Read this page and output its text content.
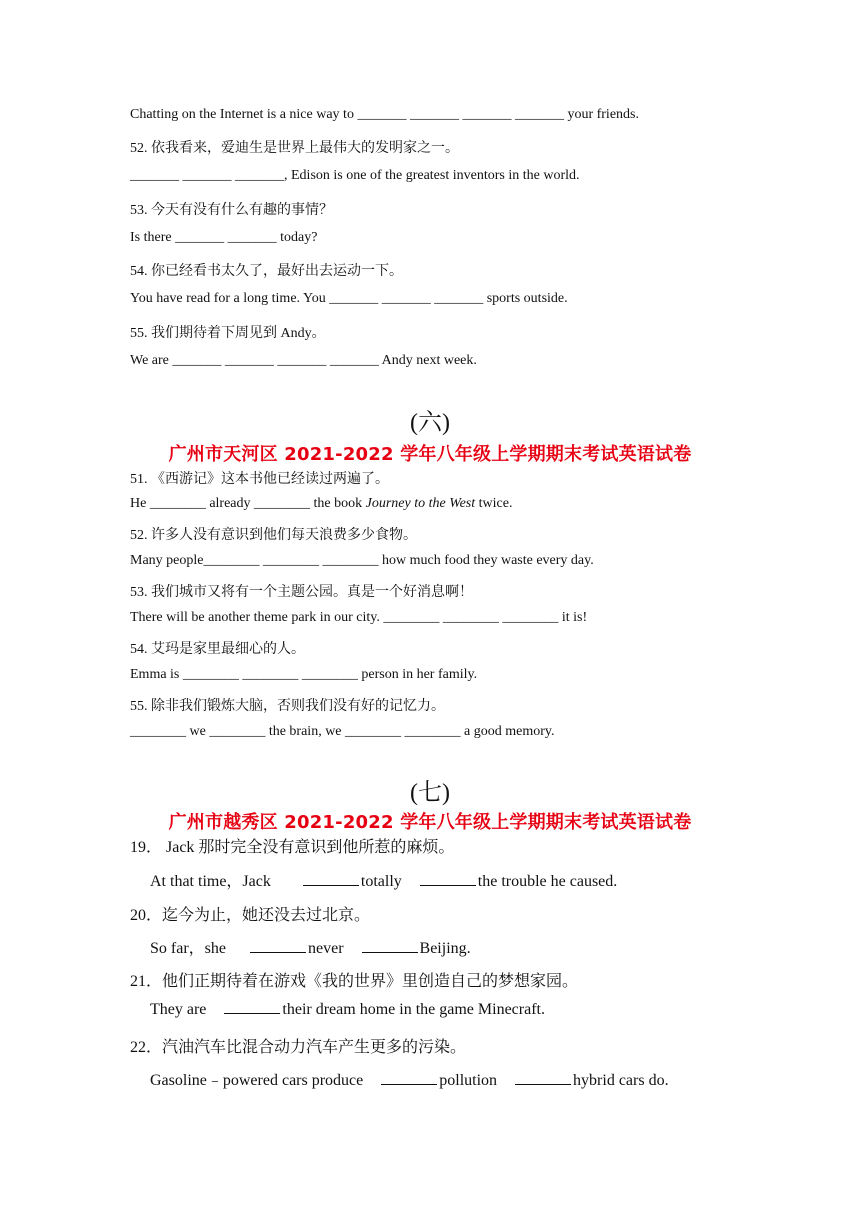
Chatting on the Internet is a nice way to _______ _______ _______ _______ your friends.
52. 依我看来，爱迪生是世界上最伟大的发明家之一。
_______ _______ _______, Edison is one of the greatest inventors in the world.
53. 今天有没有什么有趣的事情？
Is there _______ _______ today?
54. 你已经看书太久了，最好出去运动一下。
You have read for a long time. You _______ _______ _______ sports outside.
55. 我们期待着下周见到 Andy。
We are _______ _______ _______ _______ Andy next week.
(六)
广州市天河区 2021-2022 学年八年级上学期期末考试英语试卷
51. 《西游记》这本书他已经读过两遍了。
He ________ already ________ the book Journey to the West twice.
52. 许多人没有意识到他们每天浪费多少食物。
Many people________ ________ ________ how much food they waste every day.
53. 我们城市又将有一个主题公园。真是一个好消息啊！
There will be another theme park in our city. ________ ________ ________ it is!
54. 艾玛是家里最细心的人。
Emma is ________ ________ ________ person in her family.
55. 除非我们锻炼大脑，否则我们没有好的记忆力。
________ we ________ the brain, we ________ ________ a good memory.
(七)
广州市越秀区 2021-2022 学年八年级上学期期末考试英语试卷
19． Jack 那时完全没有意识到他所惹的麻烦。
At that time，Jack	totally	the trouble he caused.
20．迄今为止，她还没去过北京。
So far，she	never	Beijing.
21．他们正期待着在游戏《我的世界》里创造自己的梦想家园。
They are	their dream home in the game Minecraft.
22．汽油汽车比混合动力汽车产生更多的污染。
Gasoline﹣powered cars produce	pollution	hybrid cars do.
